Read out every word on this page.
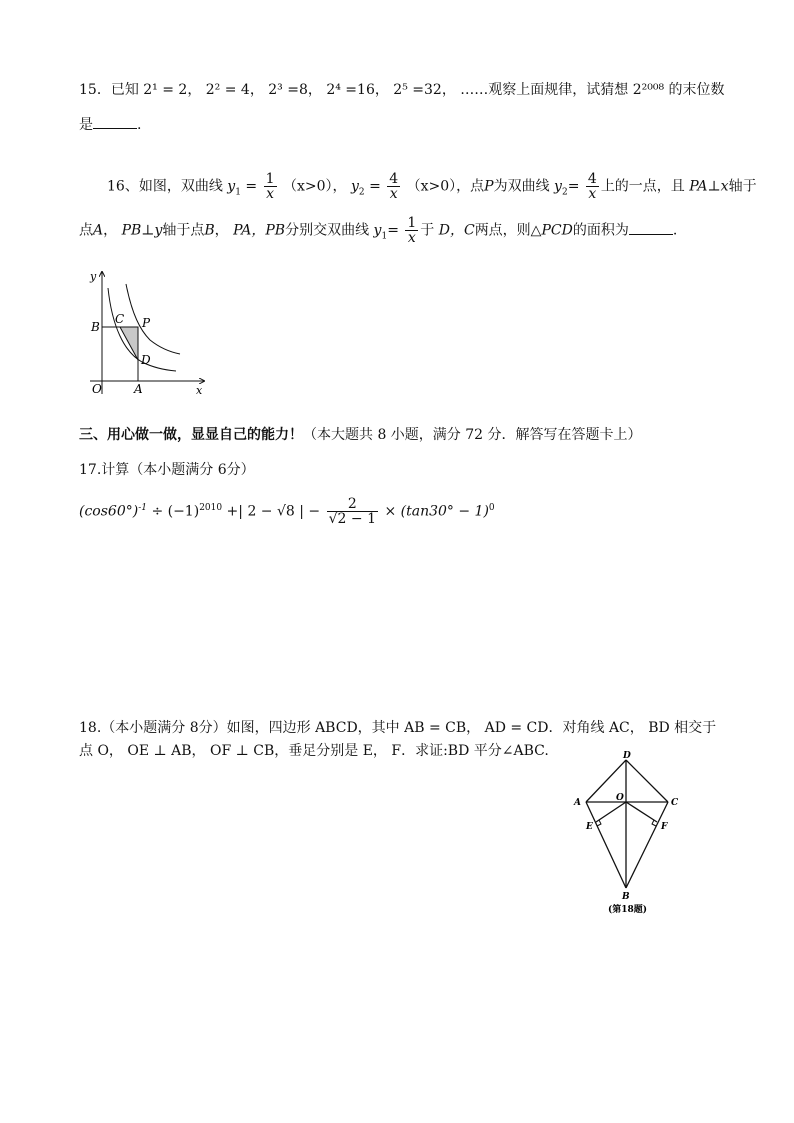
15．已知 2¹ = 2， 2² = 4， 2³ =8， 2⁴ =16， 2⁵ =32， ……观察上面规律，试猜想 2²⁰⁰⁸ 的末位数
是	.
16、如图，双曲线 $y_1 = \frac{1}{x} (x>0)$， $y_2 = \frac{4}{x} (x>0)$，点P为双曲线 $y_2= \frac{4}{x}$ 上的一点，且 PA⊥x轴于
点A， PB⊥y轴于点B， PA，PB分别交双曲线 $y_1= \frac{1}{x}$ 于 D，C两点，则△PCD的面积为	.
y
x
O	A
B
C P
D
三、用心做一做，显显自己的能力！（本大题共 8 小题，满分 72 分．解答写在答题卡上）
17.计算（本小题满分 6分）
$(\cos 60^\circ)^{-1} \div (-1)^{2010}$ +| 2 − √8 | − $\frac{2}{√2 - 1} \times (\tan 30^\circ - 1)^0$
18.（本小题满分 8分）如图，四边形 ABCD，其中 AB = CB， AD = CD．对角线 AC， BD 相交于
点 O， OE ⊥ AB， OF ⊥ CB，垂足分别是 E， F．求证:BD 平分∠ABC.	D
A	O	C
E	F
B
(第18题)
